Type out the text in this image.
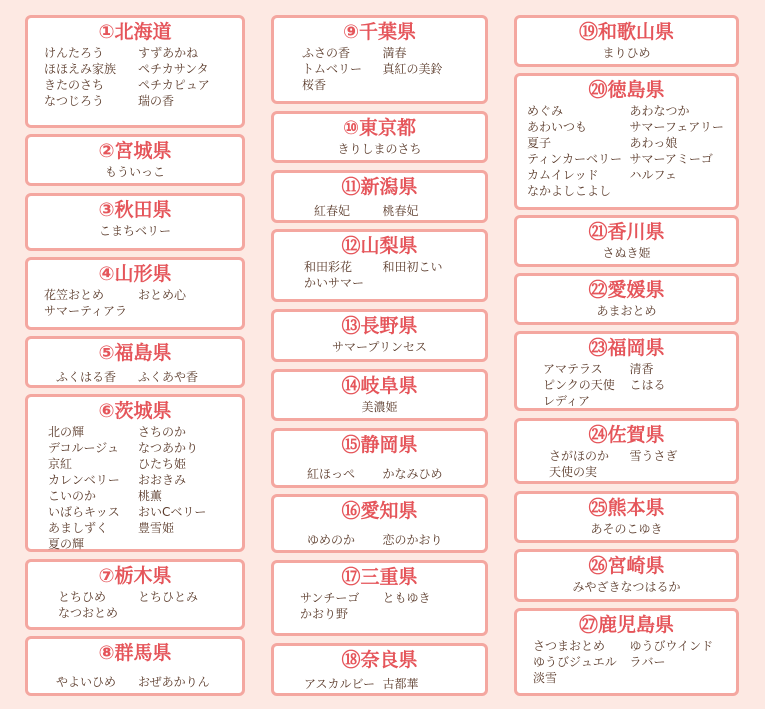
①北海道
けんたろう	すずあかね
ほほえみ家族	ペチカサンタ
きたのさち	ペチカピュア
なつじろう	瑞の香
②宮城県
もういっこ
③秋田県
こまちベリー
④山形県
花笠おとめ	おとめ心
サマーティアラ
⑤福島県
ふくはる香	ふくあや香
⑥茨城県
北の輝	さちのか
デコルージュ	なつあかり
京紅	ひたち姫
カレンベリー	おおきみ
こいのか	桃薫
いばらキッス	おいCベリー
あましずく	豊雪姫
夏の輝
⑦栃木県
とちひめ	とちひとみ
なつおとめ
⑧群馬県
やよいひめ	おぜあかりん
⑨千葉県
ふさの香	満春
トムベリー	真紅の美鈴
桜香
⑩東京都
きりしまのさち
⑪新潟県
紅春妃	桃春妃
⑫山梨県
和田彩花	和田初こい
かいサマー
⑬長野県
サマープリンセス
⑭岐阜県
美濃姫
⑮静岡県
紅ほっぺ	かなみひめ
⑯愛知県
ゆめのか	恋のかおり
⑰三重県
サンチーゴ	ともゆき
かおり野
⑱奈良県
アスカルビー 古都華
⑲和歌山県
まりひめ
⑳徳島県
めぐみ	あわなつか
あわいつも	サマーフェアリー
夏子	あわっ娘
ティンカーベリー サマーアミーゴ
カムイレッド	ハルフェ
なかよしこよし
㉑香川県
さぬき姫
㉒愛媛県
あまおとめ
㉓福岡県
アマテラス	清香
ピンクの天使	こはる
レディア
㉔佐賀県
さがほのか	雪うさぎ
天使の実
㉕熊本県
あそのこゆき
㉖宮崎県
みやざきなつはるか
㉗鹿児島県
さつまおとめ	ゆうびウインド
ゆうびジュエル	ラバー
淡雪
